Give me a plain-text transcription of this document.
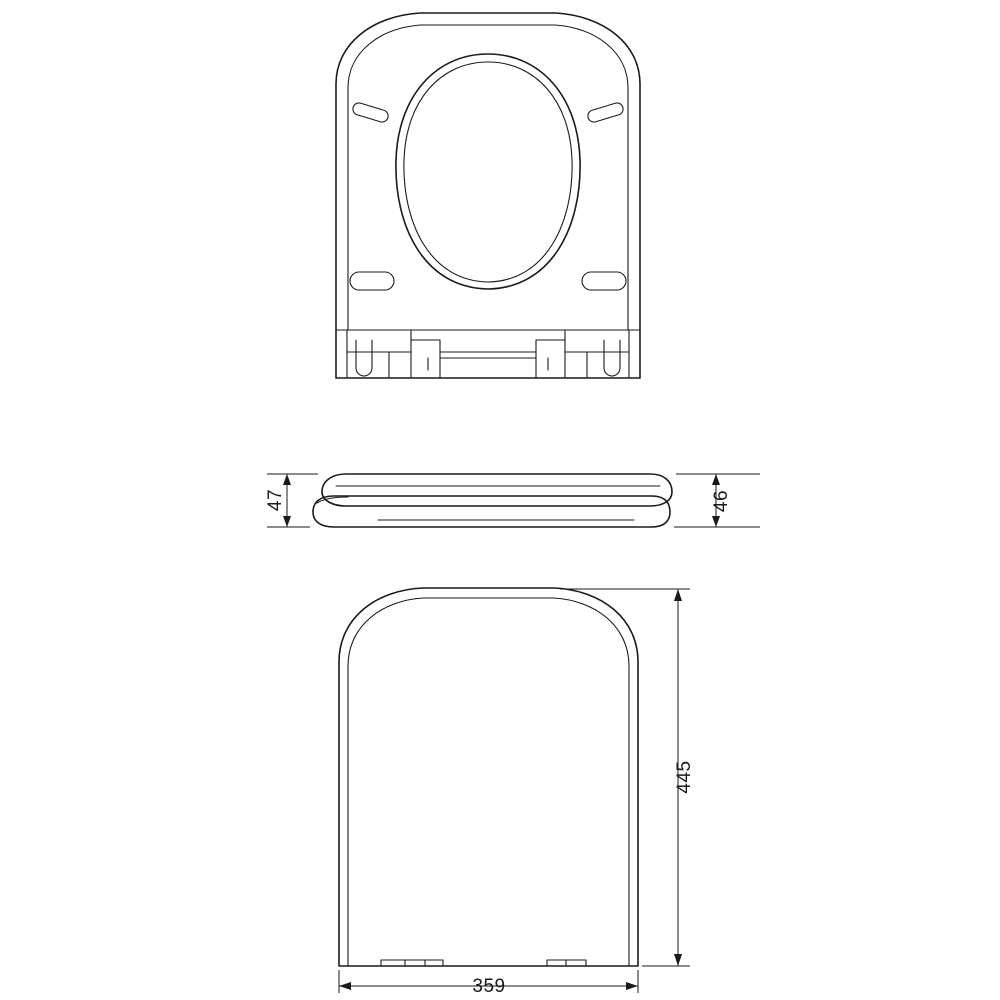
47	46
445
359
